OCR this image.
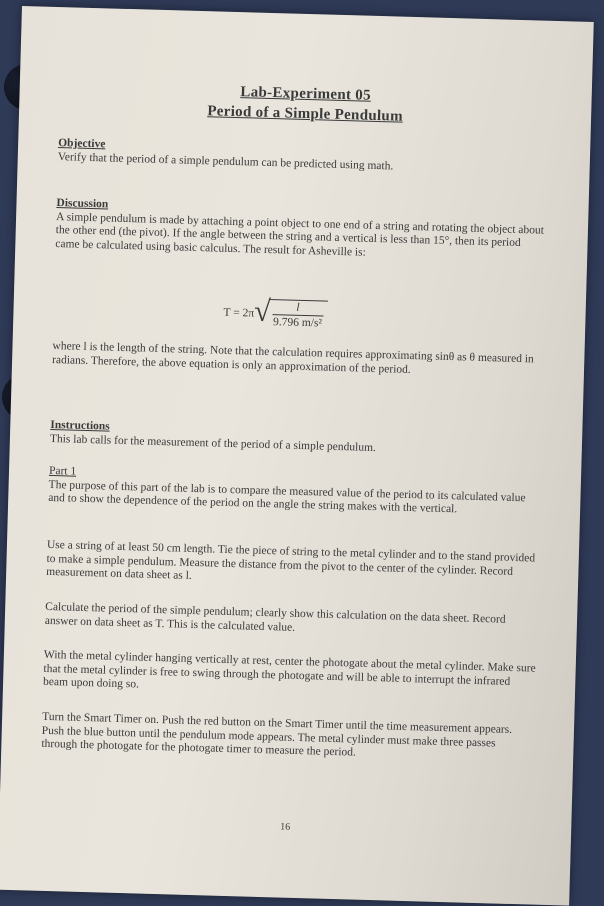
Lab-Experiment 05
Period of a Simple Pendulum
Objective
Verify that the period of a simple pendulum can be predicted using math.
Discussion
A simple pendulum is made by attaching a point object to one end of a string and rotating the object about the other end (the pivot). If the angle between the string and a vertical is less than 15°, then its period came be calculated using basic calculus. The result for Asheville is:
T = 2π
√ $\frac{l}{\text{9.796 m/s²}}$
where l is the length of the string. Note that the calculation requires approximating sinθ as θ measured in radians. Therefore, the above equation is only an approximation of the period.
Instructions
This lab calls for the measurement of the period of a simple pendulum.
Part 1
The purpose of this part of the lab is to compare the measured value of the period to its calculated value and to show the dependence of the period on the angle the string makes with the vertical.
Use a string of at least 50 cm length. Tie the piece of string to the metal cylinder and to the stand provided to make a simple pendulum. Measure the distance from the pivot to the center of the cylinder. Record measurement on data sheet as l.
Calculate the period of the simple pendulum; clearly show this calculation on the data sheet. Record answer on data sheet as T. This is the calculated value.
With the metal cylinder hanging vertically at rest, center the photogate about the metal cylinder. Make sure that the metal cylinder is free to swing through the photogate and will be able to interrupt the infrared beam upon doing so.
Turn the Smart Timer on. Push the red button on the Smart Timer until the time measurement appears. Push the blue button until the pendulum mode appears. The metal cylinder must make three passes through the photogate for the photogate timer to measure the period.
16
